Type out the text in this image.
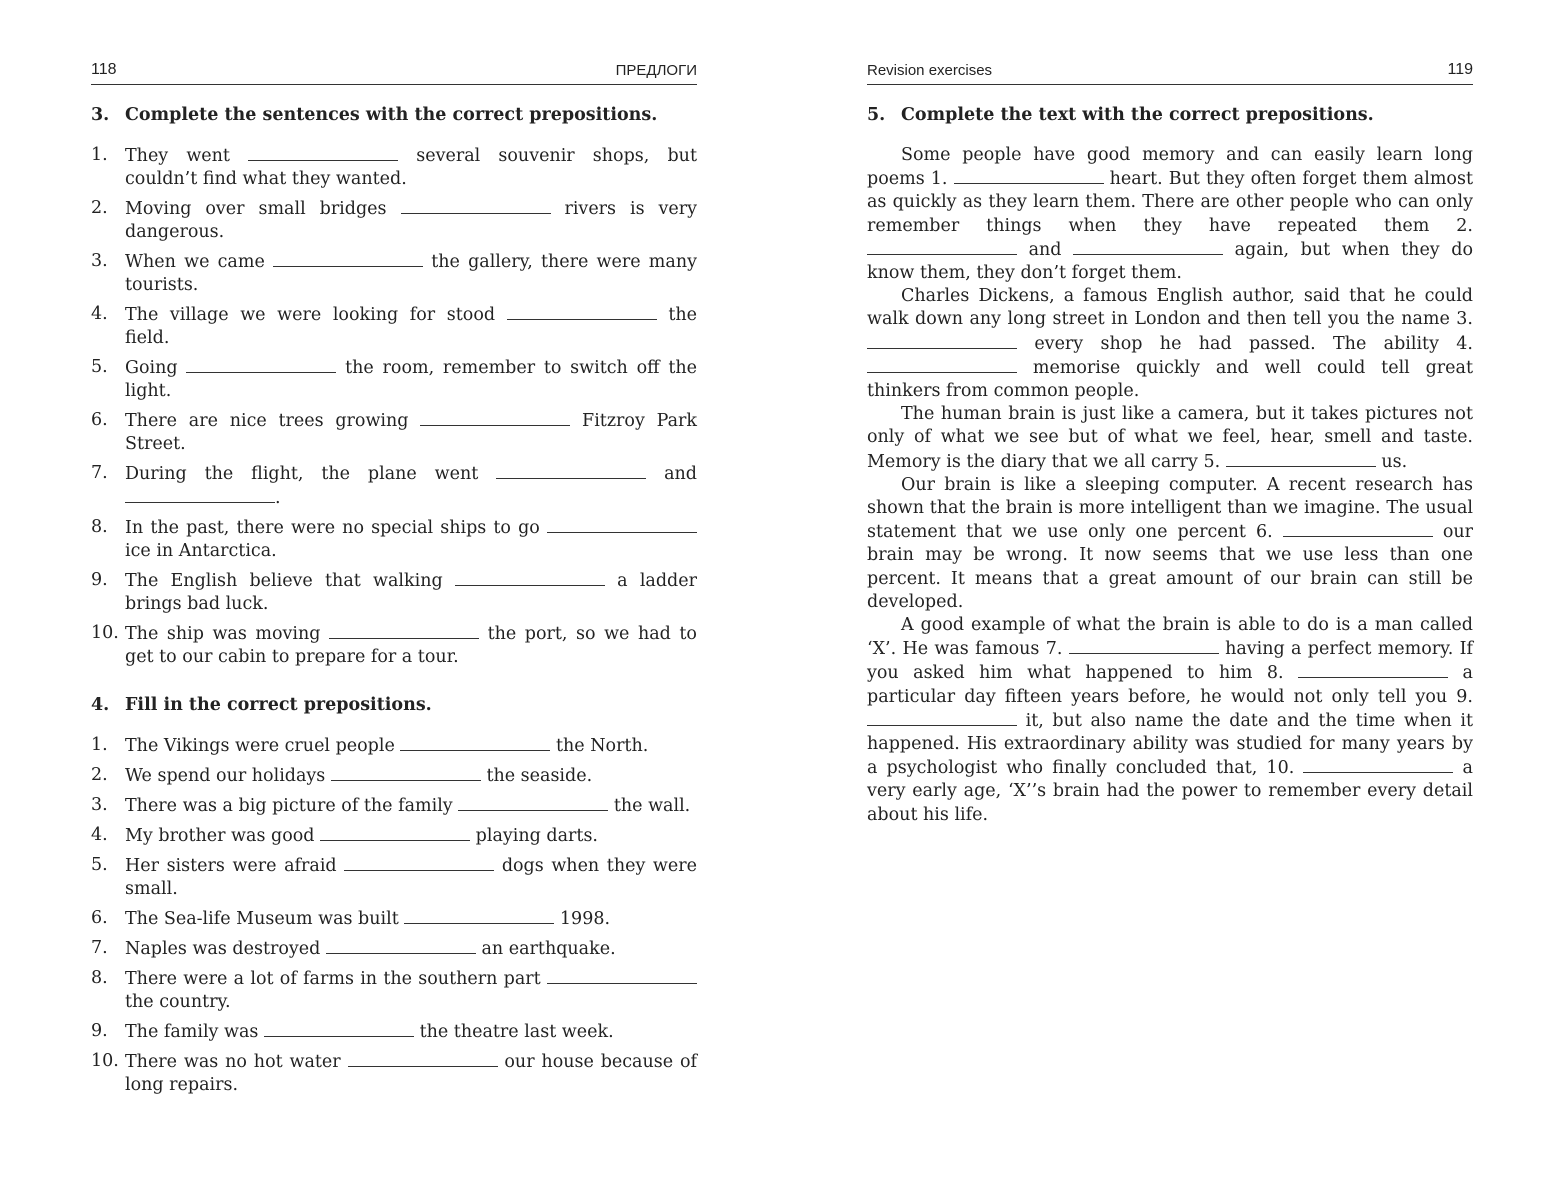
118	ПРЕДЛОГИ
3. Complete the sentences with the correct prepositions.
1. They went	several souvenir shops, but couldn’t find what they wanted.
2. Moving over small bridges	rivers is very dangerous.
3. When we came	the gallery, there were many tourists.
4. The village we were looking for stood	the field.
5. Going	the room, remember to switch off the light.
6. There are nice trees growing	Fitzroy Park Street.
7. During the flight, the plane went	and .
8. In the past, there were no special ships to go  ice in Antarctica.
9. The English believe that walking	a ladder brings bad luck.
10. The ship was moving	the port, so we had to get to our cabin to prepare for a tour.
4. Fill in the correct prepositions.
1. The Vikings were cruel people	the North.
2. We spend our holidays	the seaside.
3. There was a big picture of the family	the wall.
4. My brother was good	playing darts.
5. Her sisters were afraid	dogs when they were small.
6. The Sea-life Museum was built	1998.
7. Naples was destroyed	an earthquake.
8. There were a lot of farms in the southern part  the country.
9. The family was	the theatre last week.
10. There was no hot water	our house because of long repairs.
Revision exercises	119
5. Complete the text with the correct prepositions.

Some people have good memory and can easily learn long poems 1.	heart. But they often forget them almost as quickly as they learn them. There are other people who can only remember things when they have repeated them 2.  and	again, but when they do know them, they don’t forget them.

Charles Dickens, a famous English author, said that he could walk down any long street in London and then tell you the name 3.  every shop he had passed. The ability 4.  memorise quickly and well could tell great thinkers from common people.

The human brain is just like a camera, but it takes pictures not only of what we see but of what we feel, hear, smell and taste. Memory is the diary that we all carry 5.	us.

Our brain is like a sleeping computer. A recent research has shown that the brain is more intelligent than we imagine. The usual statement that we use only one percent 6.	our brain may be wrong. It now seems that we use less than one percent. It means that a great amount of our brain can still be developed.

A good example of what the brain is able to do is a man called ‘X’. He was famous 7.	having a perfect memory. If you asked him what happened to him 8.	a particular day fifteen years before, he would not only tell you 9.  it, but also name the date and the time when it happened. His extraordinary ability was studied for many years by a psychologist who finally concluded that, 10.	a very early age, ‘X’’s brain had the power to remember every detail about his life.
